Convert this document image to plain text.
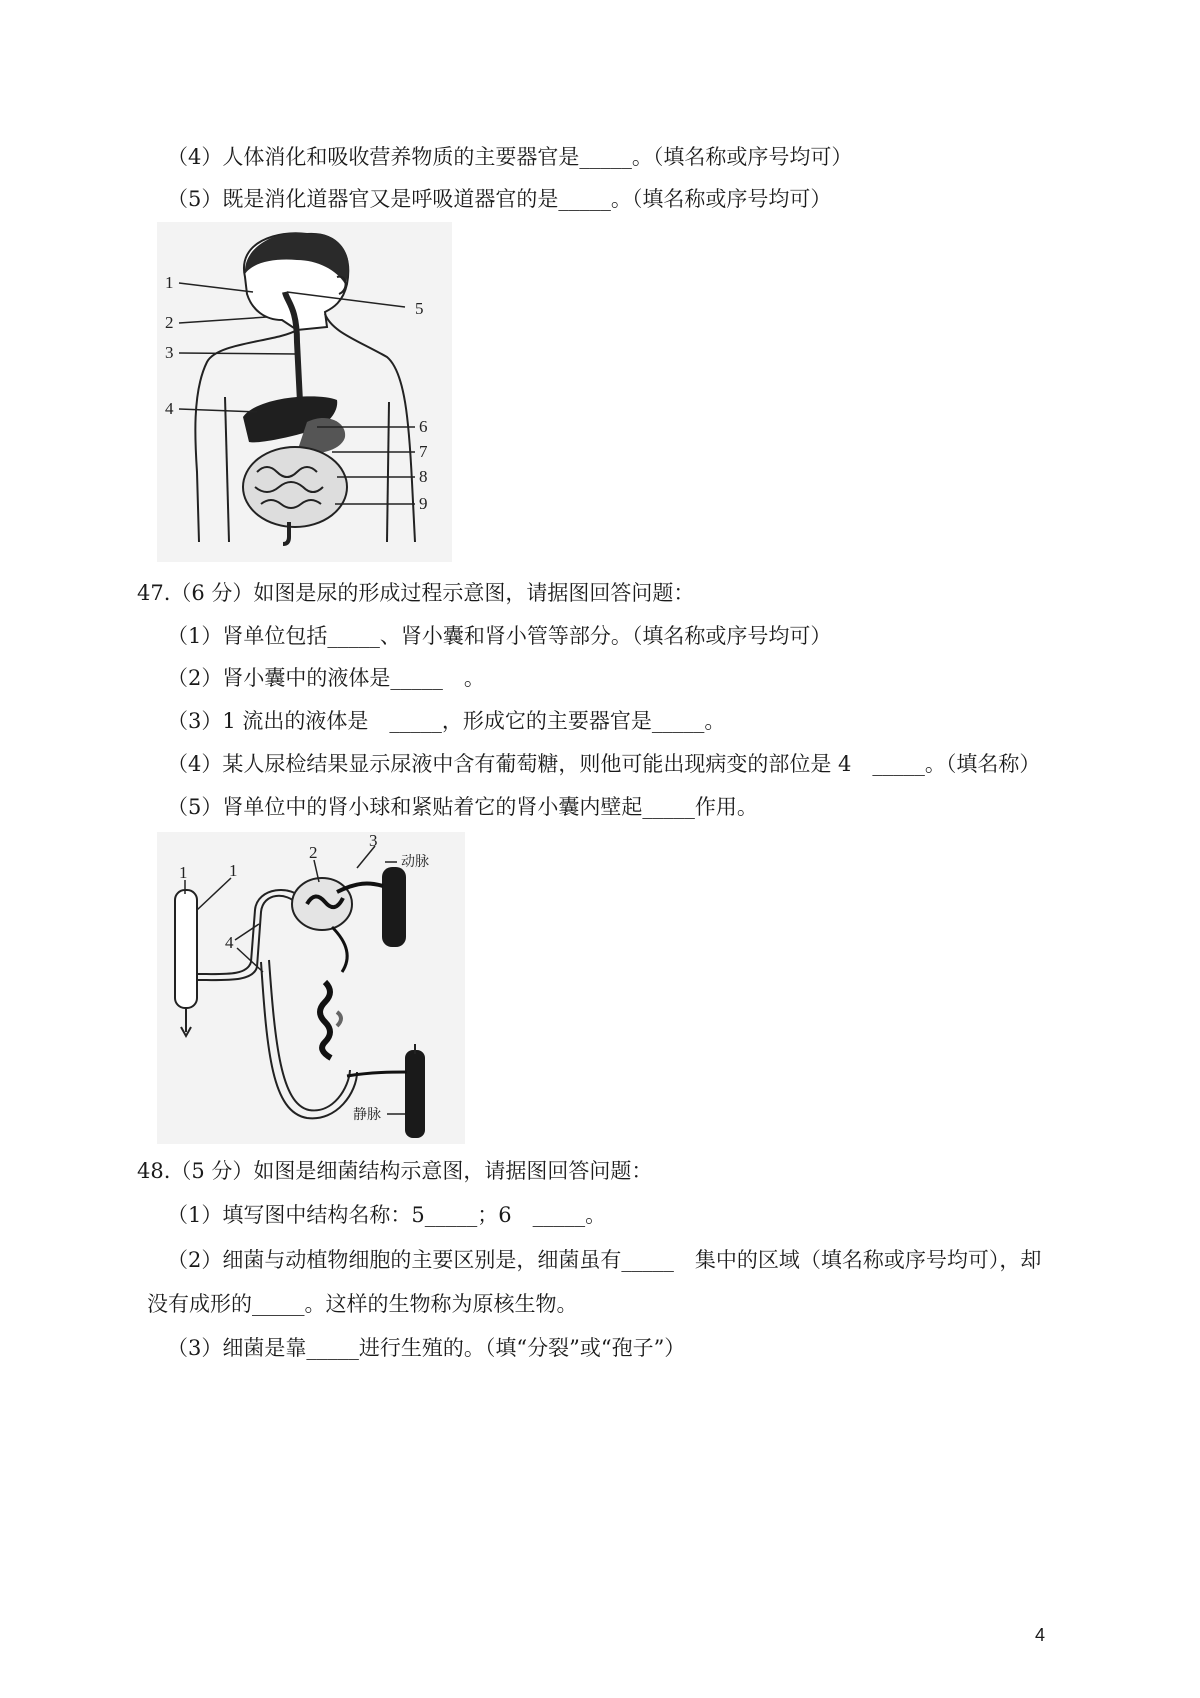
（4）人体消化和吸收营养物质的主要器官是_____。（填名称或序号均可）
（5）既是消化道器官又是呼吸道器官的是_____。（填名称或序号均可）
1
2
3
4
5
6
7
8
9
47.（6 分）如图是尿的形成过程示意图，请据图回答问题：
（1）肾单位包括_____、肾小囊和肾小管等部分。（填名称或序号均可）
（2）肾小囊中的液体是_____　。
（3）1 流出的液体是　_____，形成它的主要器官是_____。
（4）某人尿检结果显示尿液中含有葡萄糖，则他可能出现病变的部位是 4　_____。（填名称）
（5）肾单位中的肾小球和紧贴着它的肾小囊内壁起_____作用。
1 1
2
3
4
动脉
静脉
48.（5 分）如图是细菌结构示意图，请据图回答问题：
（1）填写图中结构名称：5_____；6　_____。
（2）细菌与动植物细胞的主要区别是，细菌虽有_____　集中的区域（填名称或序号均可），却
没有成形的_____。这样的生物称为原核生物。
（3）细菌是靠_____进行生殖的。（填“分裂”或“孢子”）
4
